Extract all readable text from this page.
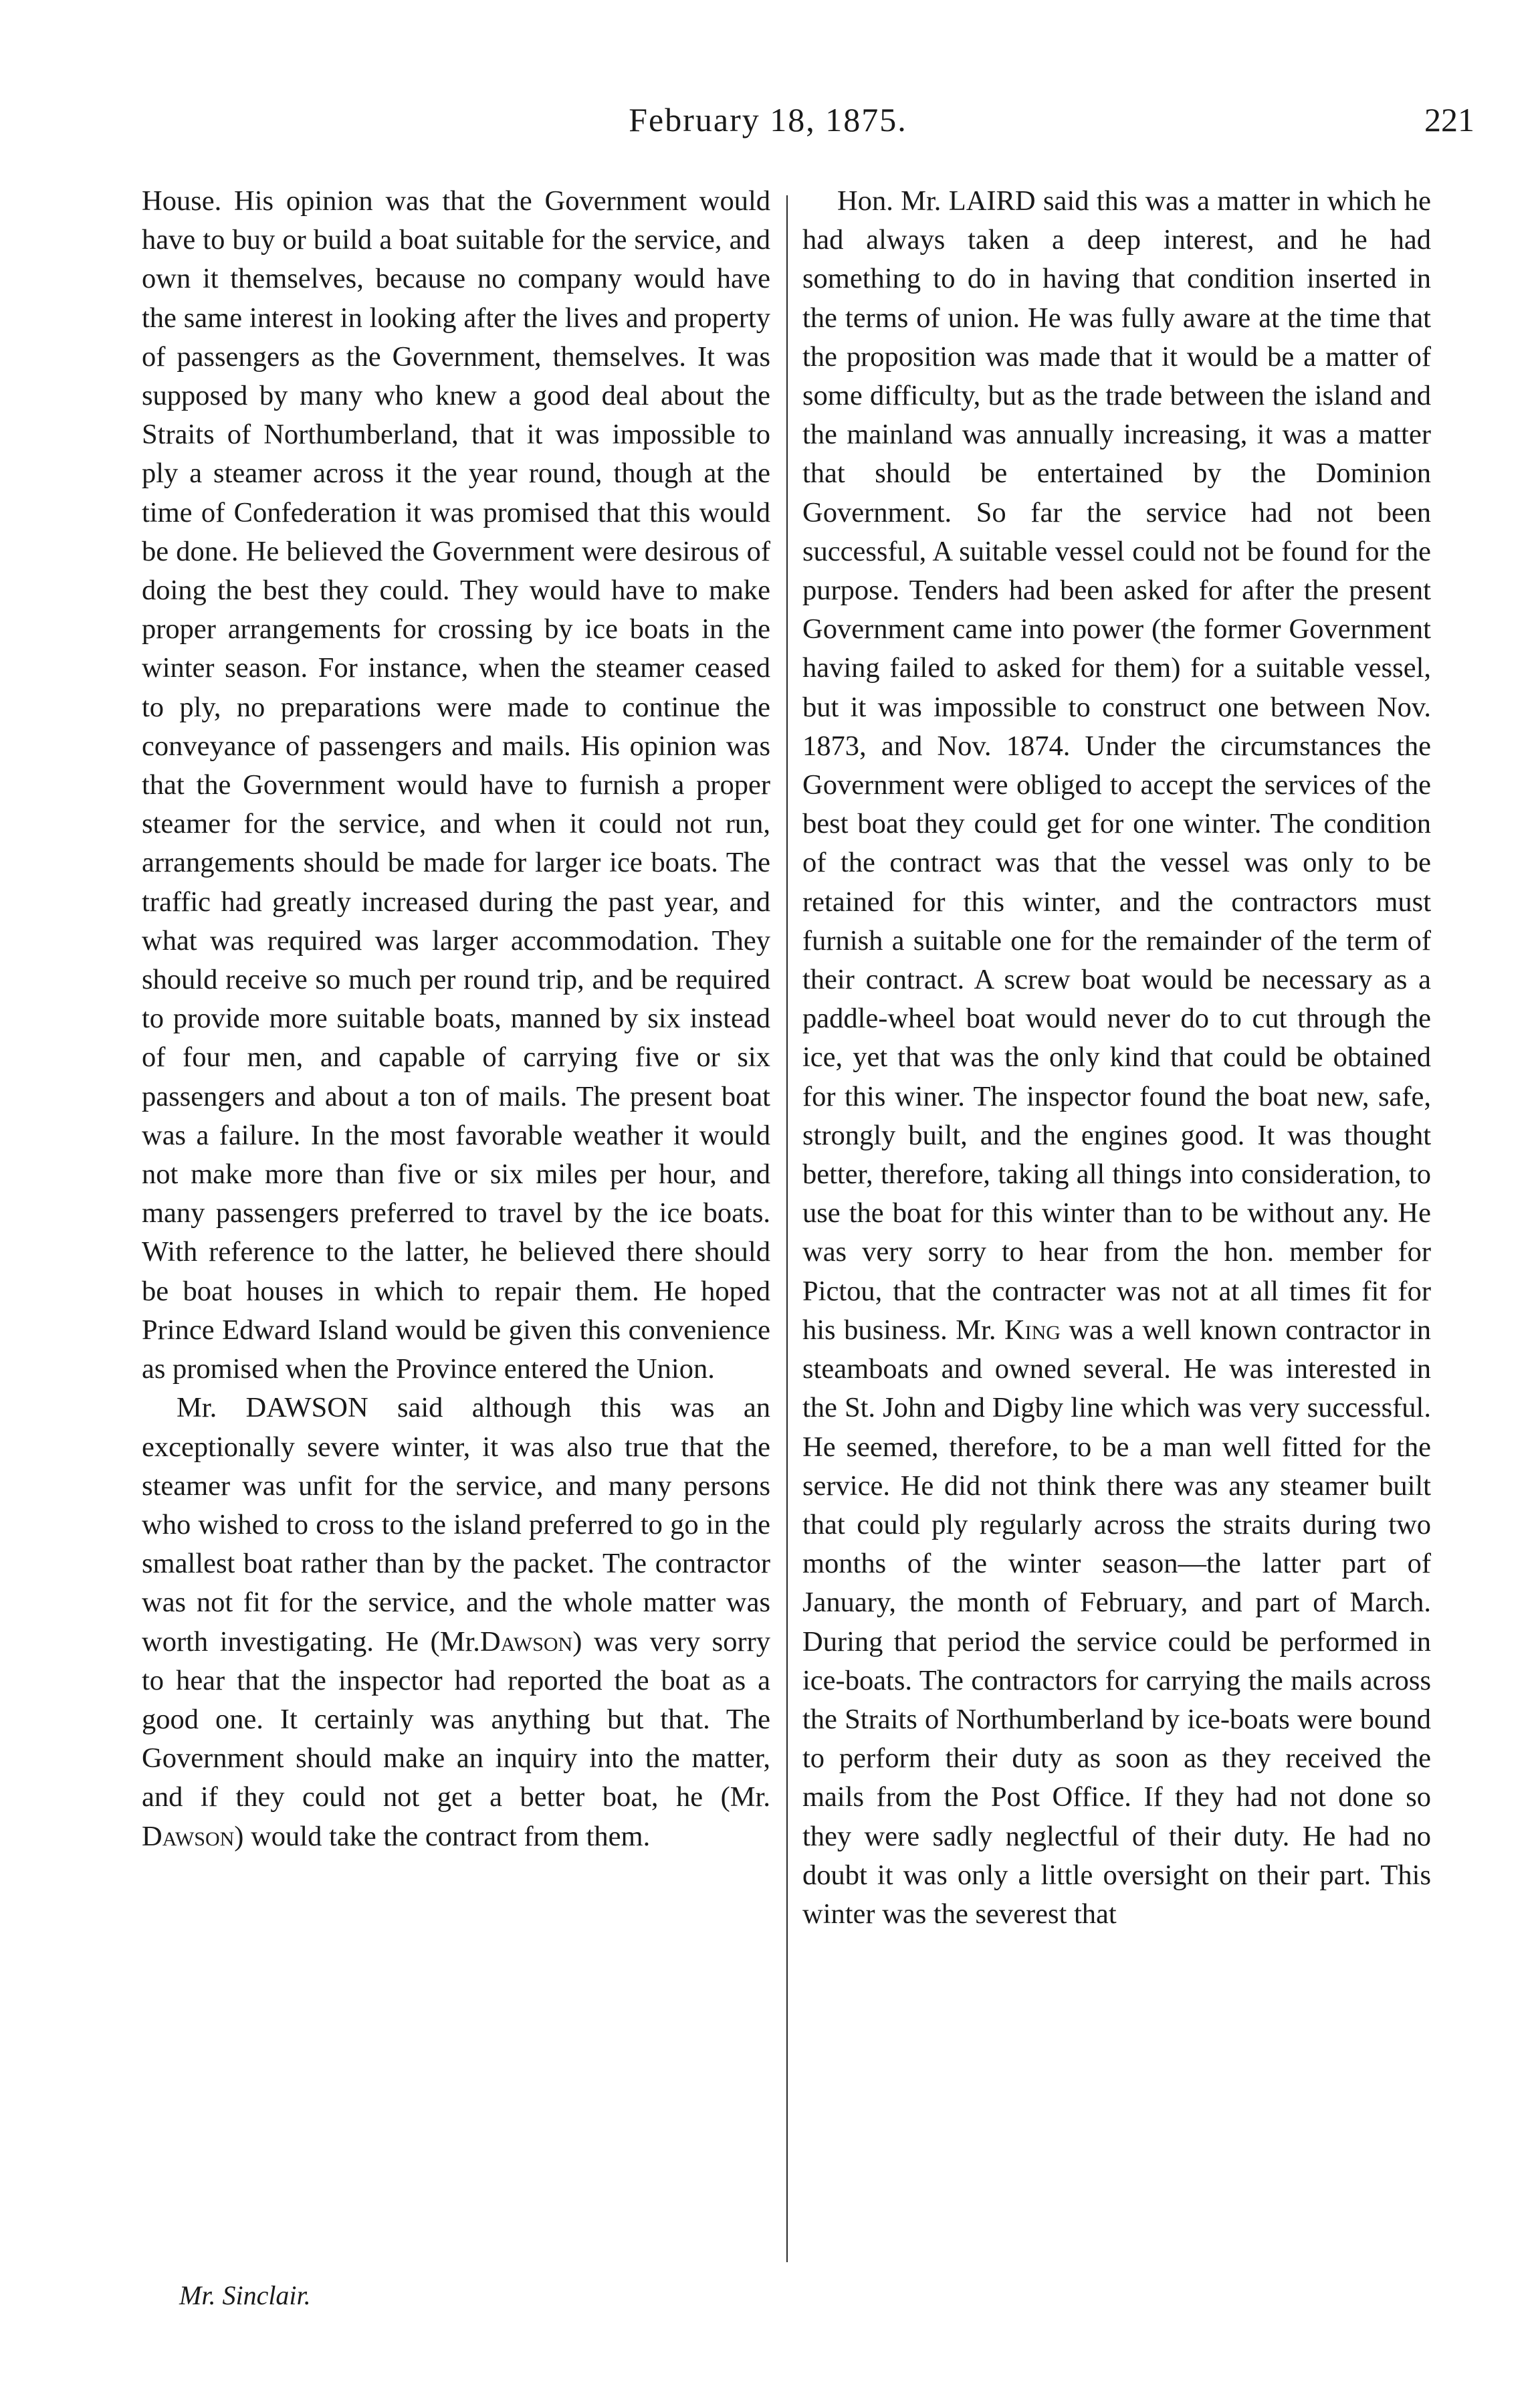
February 18, 1875.	221

House. His opinion was that the Government would have to buy or build a boat suitable for the service, and own it themselves, because no company would have the same interest in looking after the lives and property of passengers as the Government, themselves. It was supposed by many who knew a good deal about the Straits of Northumberland, that it was impossible to ply a steamer across it the year round, though at the time of Confederation it was promised that this would be done. He believed the Government were desirous of doing the best they could. They would have to make proper arrangements for crossing by ice boats in the winter season. For instance, when the steamer ceased to ply, no preparations were made to continue the conveyance of passengers and mails. His opinion was that the Government would have to furnish a proper steamer for the service, and when it could not run, arrangements should be made for larger ice boats. The traffic had greatly increased during the past year, and what was required was larger accommodation. They should receive so much per round trip, and be required to provide more suitable boats, manned by six instead of four men, and capable of carrying five or six passengers and about a ton of mails. The present boat was a failure. In the most favorable weather it would not make more than five or six miles per hour, and many passengers preferred to travel by the ice boats. With reference to the latter, he believed there should be boat houses in which to repair them. He hoped Prince Edward Island would be given this convenience as promised when the Province entered the Union.

Mr. DAWSON said although this was an exceptionally severe winter, it was also true that the steamer was unfit for the service, and many persons who wished to cross to the island preferred to go in the smallest boat rather than by the packet. The contractor was not fit for the service, and the whole matter was worth investigating. He (Mr.Dawson) was very sorry to hear that the inspector had reported the boat as a good one. It certainly was anything but that. The Government should make an inquiry into the matter, and if they could not get a better boat, he (Mr. Dawson) would take the contract from them.

Hon. Mr. LAIRD said this was a matter in which he had always taken a deep interest, and he had something to do in having that condition inserted in the terms of union. He was fully aware at the time that the proposition was made that it would be a matter of some difficulty, but as the trade between the island and the mainland was annually increasing, it was a matter that should be entertained by the Dominion Government. So far the service had not been successful, A suitable vessel could not be found for the purpose. Tenders had been asked for after the present Government came into power (the former Government having failed to asked for them) for a suitable vessel, but it was impossible to construct one between Nov. 1873, and Nov. 1874. Under the circumstances the Government were obliged to accept the services of the best boat they could get for one winter. The condition of the contract was that the vessel was only to be retained for this winter, and the contractors must furnish a suitable one for the remainder of the term of their contract. A screw boat would be necessary as a paddle-wheel boat would never do to cut through the ice, yet that was the only kind that could be obtained for this winer. The inspector found the boat new, safe, strongly built, and the engines good. It was thought better, therefore, taking all things into consideration, to use the boat for this winter than to be without any. He was very sorry to hear from the hon. member for Pictou, that the contracter was not at all times fit for his business. Mr. King was a well known contractor in steamboats and owned several. He was interested in the St. John and Digby line which was very successful. He seemed, therefore, to be a man well fitted for the service. He did not think there was any steamer built that could ply regularly across the straits during two months of the winter season—the latter part of January, the month of February, and part of March. During that period the service could be performed in ice-boats. The contractors for carrying the mails across the Straits of Northumberland by ice-boats were bound to perform their duty as soon as they received the mails from the Post Office. If they had not done so they were sadly neglectful of their duty. He had no doubt it was only a little oversight on their part. This winter was the severest that

Mr. Sinclair.
